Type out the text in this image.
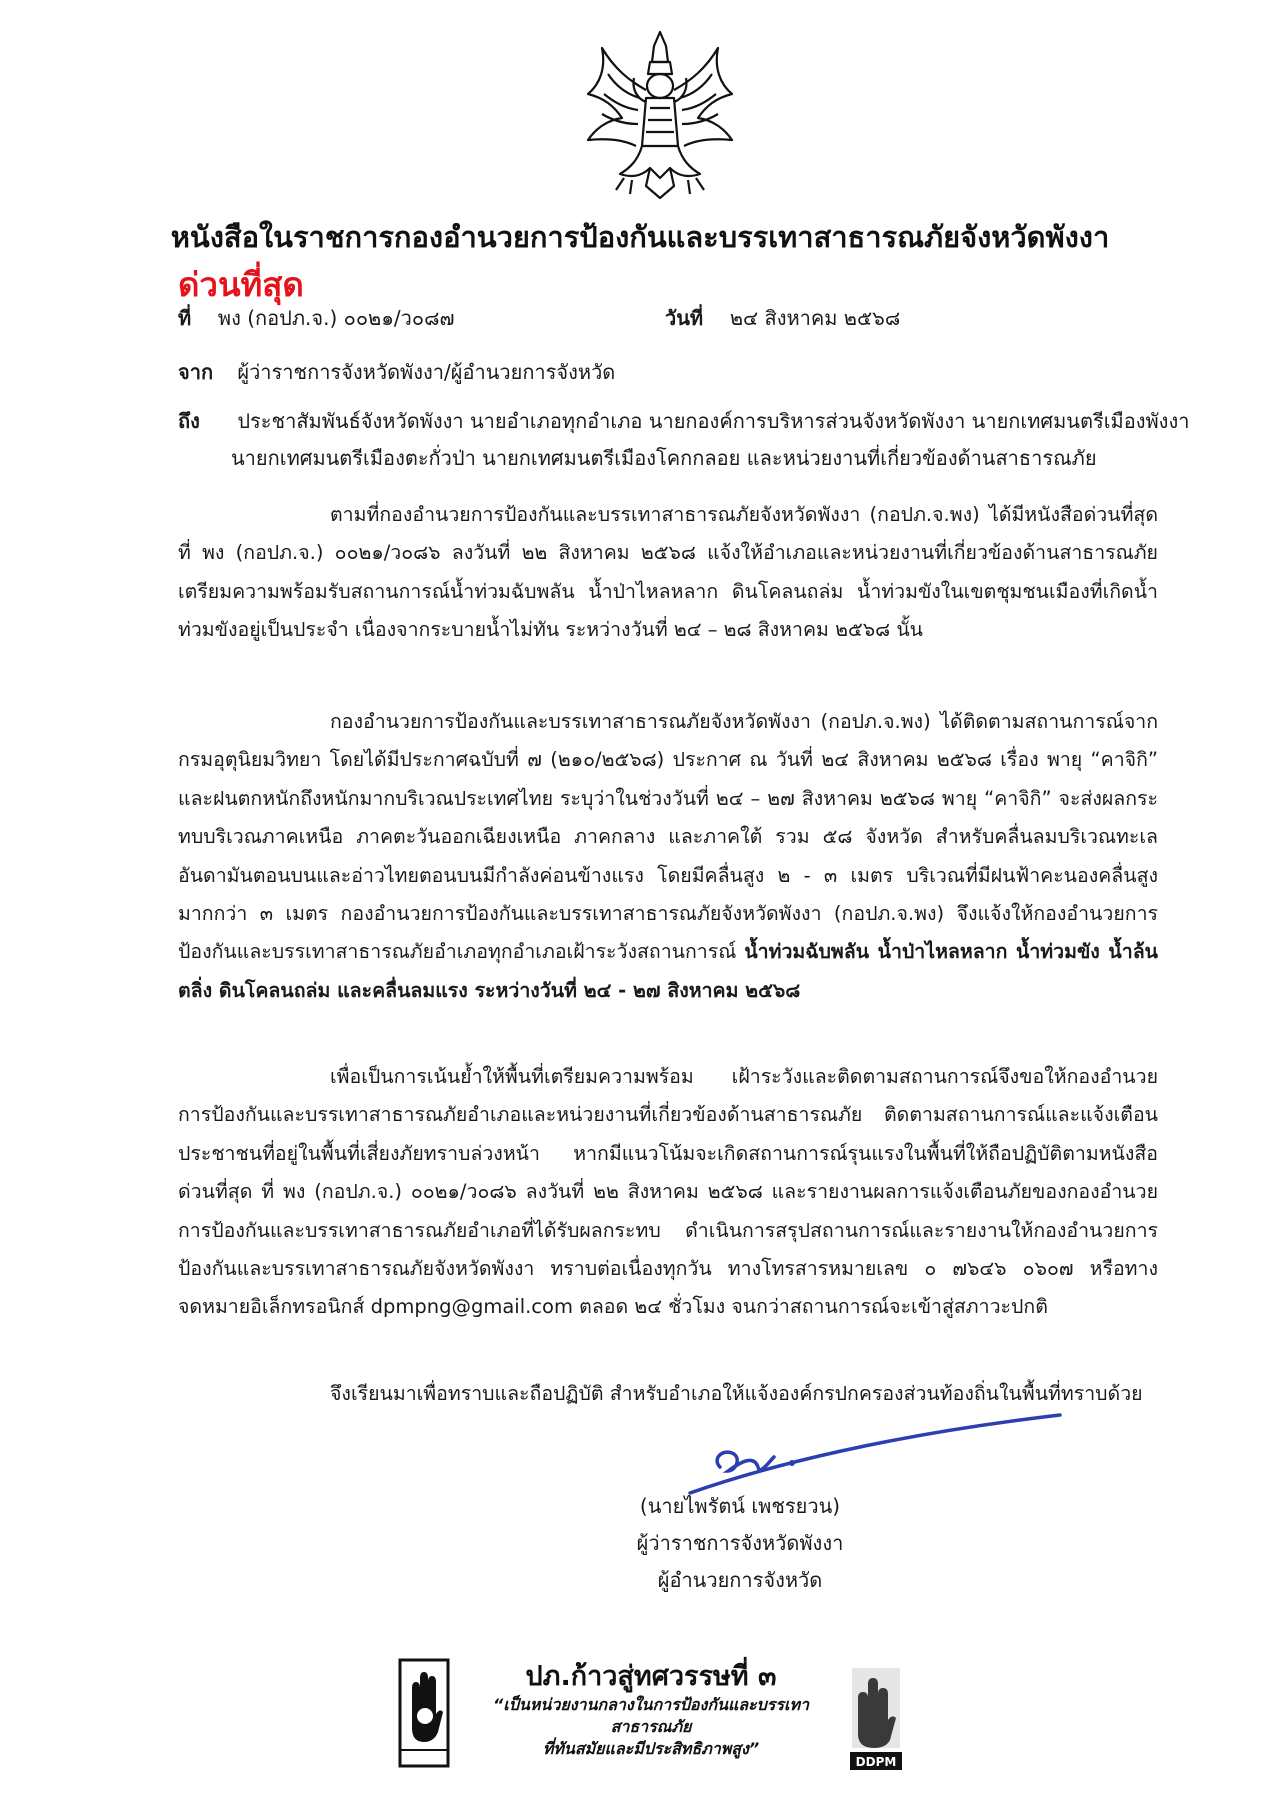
หนังสือในราชการกองอำนวยการป้องกันและบรรเทาสาธารณภัยจังหวัดพังงา
ด่วนที่สุด
ที่ พง (กอปภ.จ.) ๐๐๒๑/ว๐๘๗	วันที่ ๒๔ สิงหาคม ๒๕๖๘
จาก ผู้ว่าราชการจังหวัดพังงา/ผู้อำนวยการจังหวัด
ถึง ประชาสัมพันธ์จังหวัดพังงา นายอำเภอทุกอำเภอ นายกองค์การบริหารส่วนจังหวัดพังงา นายกเทศมนตรีเมืองพังงา
นายกเทศมนตรีเมืองตะกั่วป่า นายกเทศมนตรีเมืองโคกกลอย และหน่วยงานที่เกี่ยวข้องด้านสาธารณภัย

ตามที่กองอำนวยการป้องกันและบรรเทาสาธารณภัยจังหวัดพังงา (กอปภ.จ.พง) ได้มีหนังสือด่วนที่สุด ที่ พง (กอปภ.จ.) ๐๐๒๑/ว๐๘๖ ลงวันที่ ๒๒ สิงหาคม ๒๕๖๘ แจ้งให้อำเภอและหน่วยงานที่เกี่ยวข้องด้านสาธารณภัย เตรียมความพร้อมรับสถานการณ์น้ำท่วมฉับพลัน น้ำป่าไหลหลาก ดินโคลนถล่ม น้ำท่วมขังในเขตชุมชนเมืองที่เกิดน้ำท่วมขังอยู่เป็นประจำ เนื่องจากระบายน้ำไม่ทัน ระหว่างวันที่ ๒๔ – ๒๘ สิงหาคม ๒๕๖๘ นั้น

กองอำนวยการป้องกันและบรรเทาสาธารณภัยจังหวัดพังงา (กอปภ.จ.พง) ได้ติดตามสถานการณ์จากกรมอุตุนิยมวิทยา โดยได้มีประกาศฉบับที่ ๗ (๒๑๐/๒๕๖๘) ประกาศ ณ วันที่ ๒๔ สิงหาคม ๒๕๖๘ เรื่อง พายุ “คาจิกิ” และฝนตกหนักถึงหนักมากบริเวณประเทศไทย ระบุว่าในช่วงวันที่ ๒๔ – ๒๗ สิงหาคม ๒๕๖๘ พายุ “คาจิกิ” จะส่งผลกระทบบริเวณภาคเหนือ ภาคตะวันออกเฉียงเหนือ ภาคกลาง และภาคใต้ รวม ๕๘ จังหวัด สำหรับคลื่นลมบริเวณทะเลอันดามันตอนบนและอ่าวไทยตอนบนมีกำลังค่อนข้างแรง โดยมีคลื่นสูง ๒ - ๓ เมตร บริเวณที่มีฝนฟ้าคะนองคลื่นสูงมากกว่า ๓ เมตร กองอำนวยการป้องกันและบรรเทาสาธารณภัยจังหวัดพังงา (กอปภ.จ.พง) จึงแจ้งให้กองอำนวยการป้องกันและบรรเทาสาธารณภัยอำเภอทุกอำเภอเฝ้าระวังสถานการณ์ น้ำท่วมฉับพลัน น้ำป่าไหลหลาก น้ำท่วมขัง น้ำล้นตลิ่ง ดินโคลนถล่ม และคลื่นลมแรง ระหว่างวันที่ ๒๔ - ๒๗ สิงหาคม ๒๕๖๘

เพื่อเป็นการเน้นย้ำให้พื้นที่เตรียมความพร้อม เฝ้าระวังและติดตามสถานการณ์จึงขอให้กองอำนวยการป้องกันและบรรเทาสาธารณภัยอำเภอและหน่วยงานที่เกี่ยวข้องด้านสาธารณภัย ติดตามสถานการณ์และแจ้งเตือนประชาชนที่อยู่ในพื้นที่เสี่ยงภัยทราบล่วงหน้า หากมีแนวโน้มจะเกิดสถานการณ์รุนแรงในพื้นที่ให้ถือปฏิบัติตามหนังสือด่วนที่สุด ที่ พง (กอปภ.จ.) ๐๐๒๑/ว๐๘๖ ลงวันที่ ๒๒ สิงหาคม ๒๕๖๘ และรายงานผลการแจ้งเตือนภัยของกองอำนวยการป้องกันและบรรเทาสาธารณภัยอำเภอที่ได้รับผลกระทบ ดำเนินการสรุปสถานการณ์และรายงานให้กองอำนวยการป้องกันและบรรเทาสาธารณภัยจังหวัดพังงา ทราบต่อเนื่องทุกวัน ทางโทรสารหมายเลข ๐ ๗๖๔๖ ๐๖๐๗ หรือทางจดหมายอิเล็กทรอนิกส์ dpmpng@gmail.com ตลอด ๒๔ ชั่วโมง จนกว่าสถานการณ์จะเข้าสู่สภาวะปกติ

จึงเรียนมาเพื่อทราบและถือปฏิบัติ สำหรับอำเภอให้แจ้งองค์กรปกครองส่วนท้องถิ่นในพื้นที่ทราบด้วย

(นายไพรัตน์ เพชรยวน)
ผู้ว่าราชการจังหวัดพังงา
ผู้อำนวยการจังหวัด
ปภ.ก้าวสู่ทศวรรษที่ ๓
“เป็นหน่วยงานกลางในการป้องกันและบรรเทาสาธารณภัย
ที่ทันสมัยและมีประสิทธิภาพสูง”
DDPM
